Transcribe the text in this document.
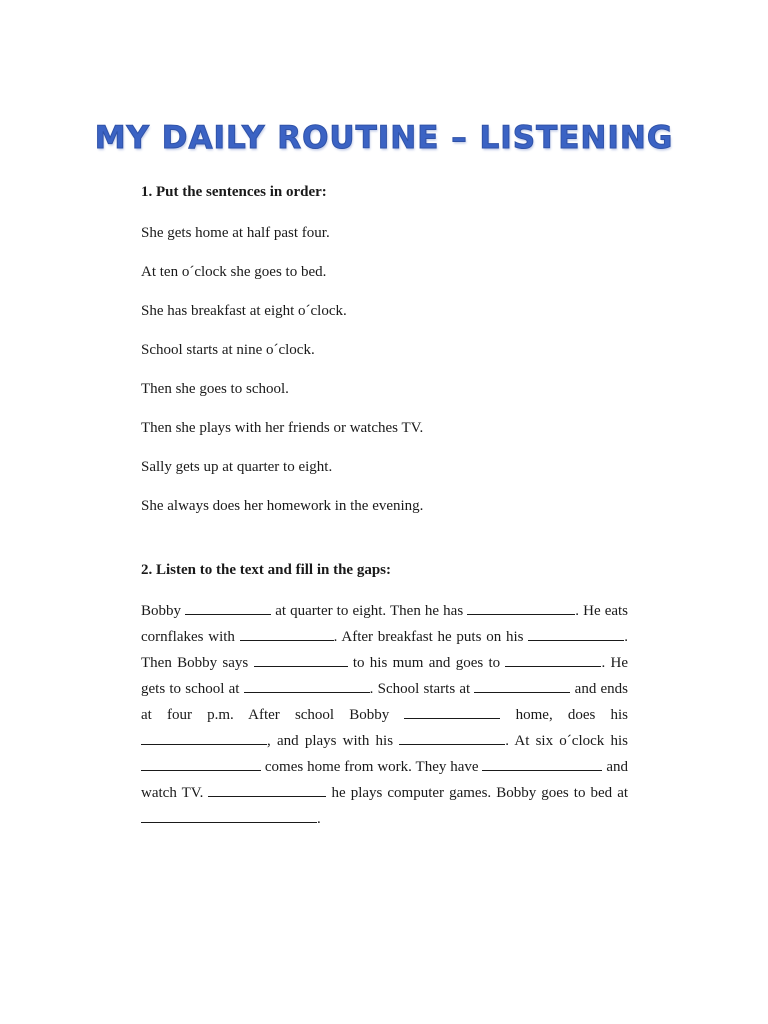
MY DAILY ROUTINE – LISTENING
1. Put the sentences in order:
She gets home at half past four.
At ten o´clock she goes to bed.
She has breakfast at eight o´clock.
School starts at nine o´clock.
Then she goes to school.
Then she plays with her friends or watches TV.
Sally gets up at quarter to eight.
She always does her homework in the evening.
2. Listen to the text and fill in the gaps:
Bobby	at quarter to eight. Then he has	. He eats cornflakes with	. After breakfast he puts on his	. Then Bobby says	to his mum and goes to	. He gets to school at	. School starts at	and ends at four p.m. After school Bobby	home, does his , and plays with his	. At six o´clock his  comes home from work. They have	and watch TV.	he plays computer games. Bobby goes to bed at .
